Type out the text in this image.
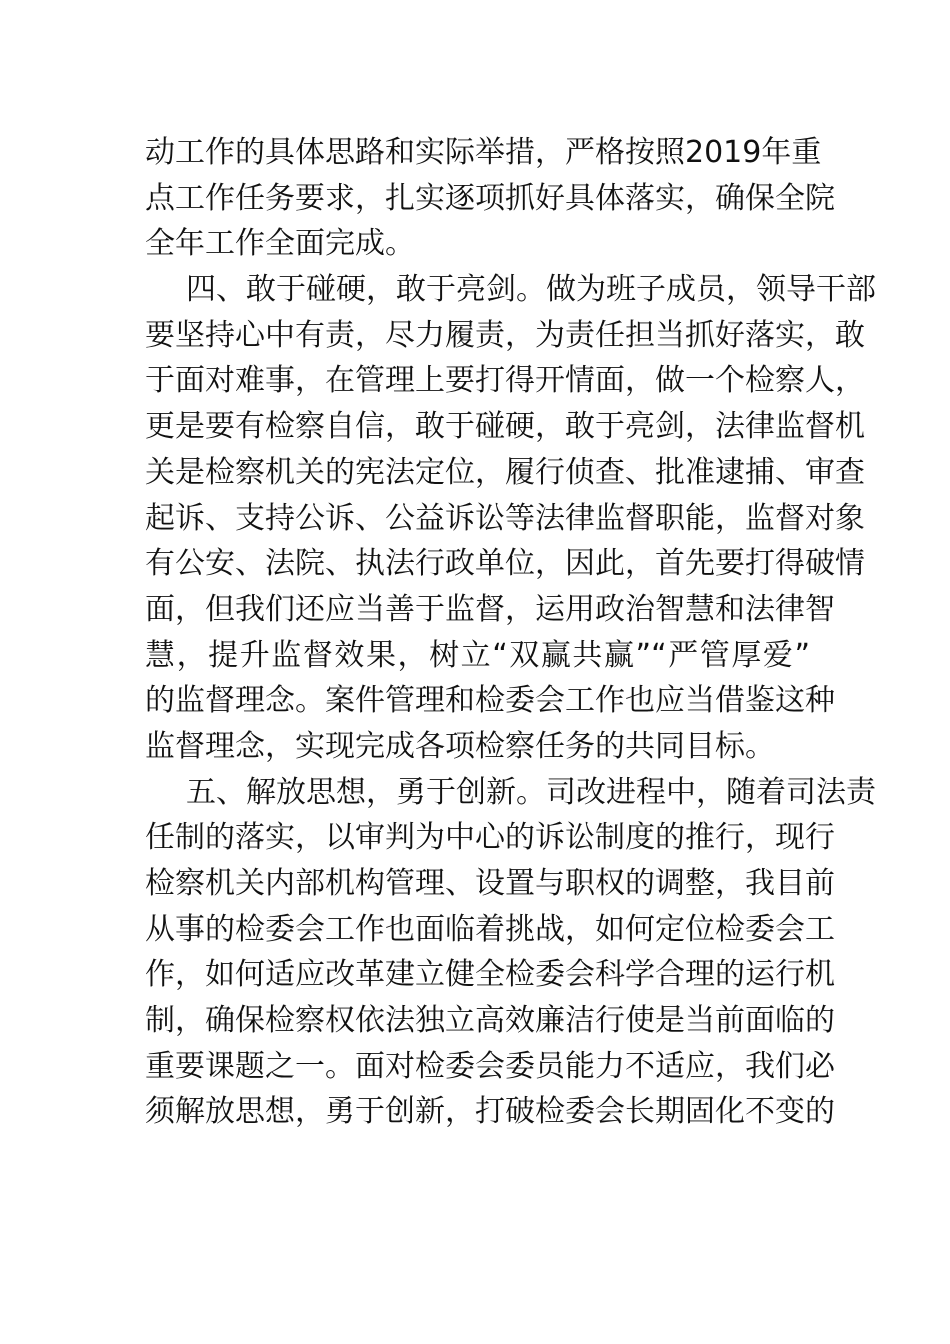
动工作的具体思路和实际举措，严格按照2019年重
点工作任务要求，扎实逐项抓好具体落实，确保全院
全年工作全面完成。
四、敢于碰硬，敢于亮剑。做为班子成员，领导干部
要坚持心中有责，尽力履责，为责任担当抓好落实，敢
于面对难事，在管理上要打得开情面，做一个检察人，
更是要有检察自信，敢于碰硬，敢于亮剑，法律监督机
关是检察机关的宪法定位，履行侦查、批准逮捕、审查
起诉、支持公诉、公益诉讼等法律监督职能，监督对象
有公安、法院、执法行政单位，因此，首先要打得破情
面，但我们还应当善于监督，运用政治智慧和法律智
慧，提升监督效果，树立“双赢共赢”“严管厚爱”
的监督理念。案件管理和检委会工作也应当借鉴这种
监督理念，实现完成各项检察任务的共同目标。
五、解放思想，勇于创新。司改进程中，随着司法责
任制的落实，以审判为中心的诉讼制度的推行，现行
检察机关内部机构管理、设置与职权的调整，我目前
从事的检委会工作也面临着挑战，如何定位检委会工
作，如何适应改革建立健全检委会科学合理的运行机
制，确保检察权依法独立高效廉洁行使是当前面临的
重要课题之一。面对检委会委员能力不适应，我们必
须解放思想，勇于创新，打破检委会长期固化不变的
